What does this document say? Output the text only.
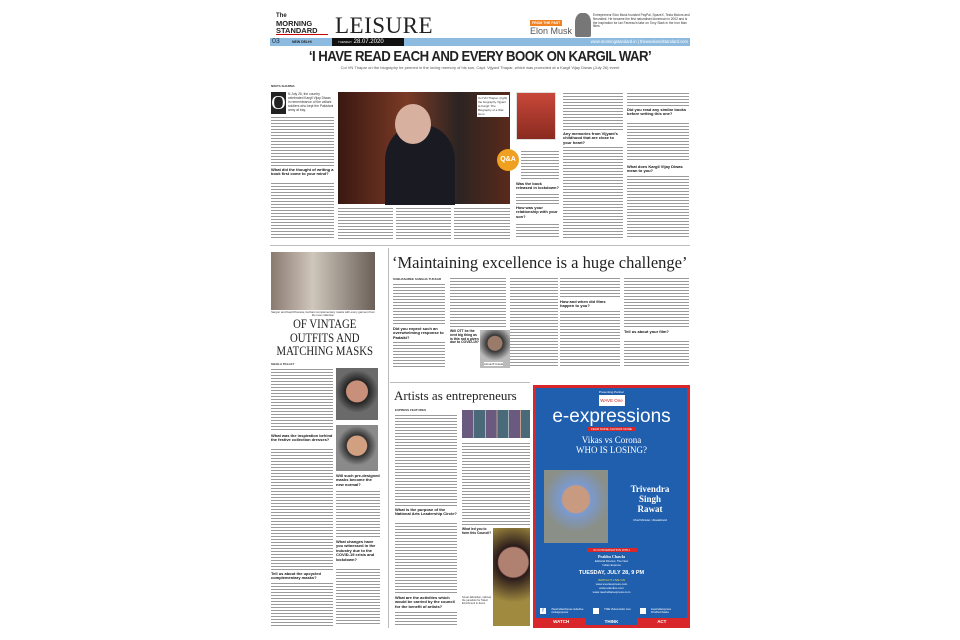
The
MORNING
STANDARD LEISURE	FROM THE PAST
Elon Musk
Entrepreneur Elon Musk founded PayPal, SpaceX, Tesla Motors and Neuralink. He became the first naturalised American in 2002 and is the inspiration for Ian Favreau's take on Tony Stark in the Iron Man films.
03	NEW DELHI	TUESDAY 28.07.2020	www.morningstandard.in | theweekendstandard.com
‘I HAVE READ EACH AND EVERY BOOK ON KARGIL WAR’
Col VN Thapar on the biography he penned in the loving memory of his son, Capt. Vijyant Thapar, which was promoted at a Kargil Vijay Diwas (July 26) event
NIKITA SHARMA
O N July 26, the country celebrated Kargil Vijay Diwas in remembrance of the valiant soldiers who kept the Pakistani army at bay.
What did the thought of writing a book first come to your mind?
Col VN Thapar; (right) the biography Vijyant at Kargil: The Biography of a War Hero
Q&A
Was the book released in lockdown?
How was your relationship with your son?
Any memories from Vijyant's childhood that are close to your heart?
Did you read any similar books before writing this one?
What does Kargil Vijay Diwas mean to you?
Sargun and Kapil Khurana, Gorbani complementary masks with every garment from the new collection
OF VINTAGE OUTFITS AND MATCHING MASKS
SHAILA PALLEY
What was the inspiration behind the festive collection dresses?
Tell us about the upcycled complementary masks?
Will such pre-designed masks become the new normal?
What changes have you witnessed in the industry due to the COVID-19 crisis and lockdown?
‘Maintaining excellence is a huge challenge’
SUBHASHREE SANGHA TUKKAR
Did you expect such an overwhelming response to Padaiki?
Will OTT be the next big thing as is this not a given due to COVID-19?
Ashok B Kukde
How and when did films happen to you?
Tell us about your film?
Artists as entrepreneurs
EXPRESS FEATURES
What is the purpose of the National Arts Leadership Circle?
What are the activities which would be carried by the council for the benefit of artists?
What led you to form this Council?
Sonal Jaikrishan, (above) the panelists for Talent Enrichment in Zoom
Presenting Partner
WAVE One
e-expressions
FEAR NONE, FAVOUR NONE
Vikas vs Corona
WHO IS LOSING?
Trivendra
Singh
Rawat
Chief Minister, Uttarakhand
IN CONVERSATION WITH
Prabhu Chawla
Editorial Director, The New Indian Express
TUESDAY, JULY 28, 9 PM
WATCH IT LIVE ON
www.eventexpress.com
www.edexlive.com
www.newindianexpress.com
f	/NewIndianXpress /edexlive /indulgexpress
TNIE Videos Edex Live	/newindianxpress /PrabhuChawla
WATCH	THINK	ACT
